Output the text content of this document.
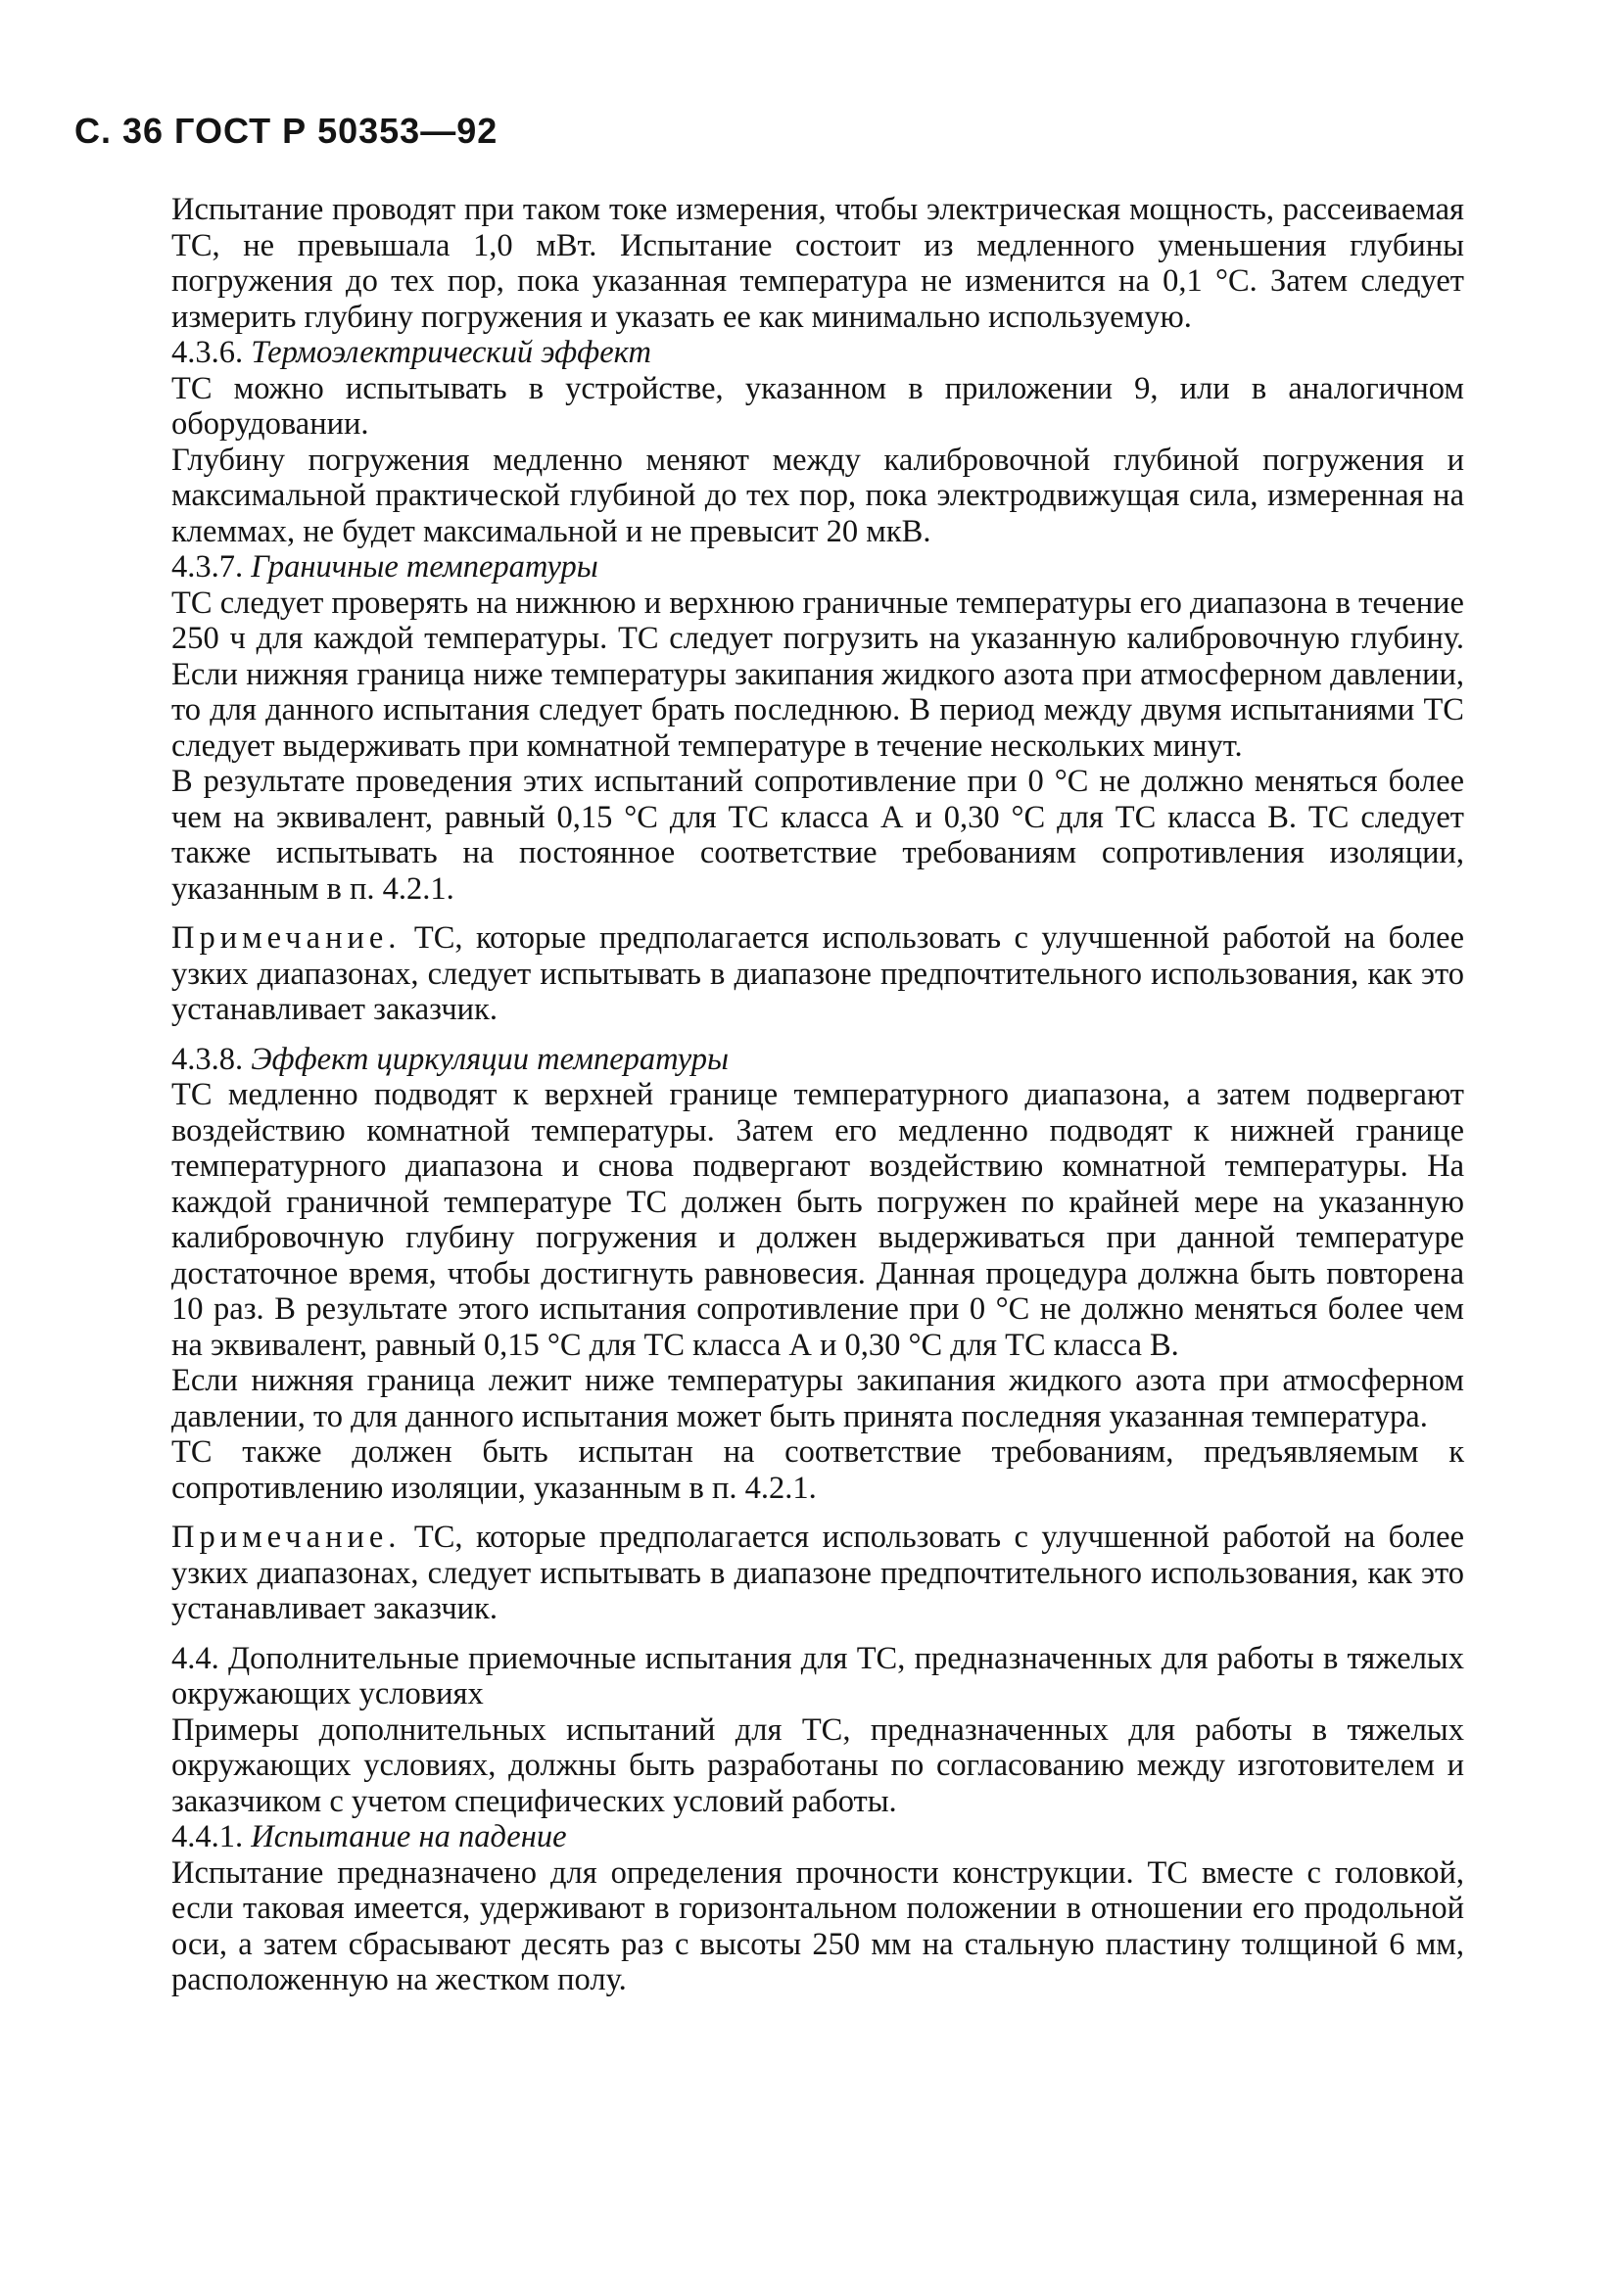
С. 36 ГОСТ Р 50353—92

Испытание проводят при таком токе измерения, чтобы электрическая мощность, рассеиваемая ТС, не превышала 1,0 мВт. Испытание состоит из медленного уменьшения глубины погружения до тех пор, пока указанная температура не изменится на 0,1 °С. Затем следует измерить глубину погружения и указать ее как минимально используемую.

4.3.6. Термоэлектрический эффект

ТС можно испытывать в устройстве, указанном в приложении 9, или в аналогичном оборудовании.

Глубину погружения медленно меняют между калибровочной глубиной погружения и максимальной практической глубиной до тех пор, пока электродвижущая сила, измеренная на клеммах, не будет максимальной и не превысит 20 мкВ.

4.3.7. Граничные температуры

ТС следует проверять на нижнюю и верхнюю граничные температуры его диапазона в течение 250 ч для каждой температуры. ТС следует погрузить на указанную калибровочную глубину. Если нижняя граница ниже температуры закипания жидкого азота при атмосферном давлении, то для данного испытания следует брать последнюю. В период между двумя испытаниями ТС следует выдерживать при комнатной температуре в течение нескольких минут.

В результате проведения этих испытаний сопротивление при 0 °С не должно меняться более чем на эквивалент, равный 0,15 °С для ТС класса А и 0,30 °С для ТС класса В. ТС следует также испытывать на постоянное соответствие требованиям сопротивления изоляции, указанным в п. 4.2.1.

Примечание. ТС, которые предполагается использовать с улучшенной работой на более узких диапазонах, следует испытывать в диапазоне предпочтительного использования, как это устанавливает заказчик.

4.3.8. Эффект циркуляции температуры

ТС медленно подводят к верхней границе температурного диапазона, а затем подвергают воздействию комнатной температуры. Затем его медленно подводят к нижней границе температурного диапазона и снова подвергают воздействию комнатной температуры. На каждой граничной температуре ТС должен быть погружен по крайней мере на указанную калибровочную глубину погружения и должен выдерживаться при данной температуре достаточное время, чтобы достигнуть равновесия. Данная процедура должна быть повторена 10 раз. В результате этого испытания сопротивление при 0 °С не должно меняться более чем на эквивалент, равный 0,15 °С для ТС класса А и 0,30 °С для ТС класса В.

Если нижняя граница лежит ниже температуры закипания жидкого азота при атмосферном давлении, то для данного испытания может быть принята последняя указанная температура.

ТС также должен быть испытан на соответствие требованиям, предъявляемым к сопротивлению изоляции, указанным в п. 4.2.1.

Примечание. ТС, которые предполагается использовать с улучшенной работой на более узких диапазонах, следует испытывать в диапазоне предпочтительного использования, как это устанавливает заказчик.

4.4. Дополнительные приемочные испытания для ТС, предназначенных для работы в тяжелых окружающих условиях

Примеры дополнительных испытаний для ТС, предназначенных для работы в тяжелых окружающих условиях, должны быть разработаны по согласованию между изготовителем и заказчиком с учетом специфических условий работы.

4.4.1. Испытание на падение

Испытание предназначено для определения прочности конструкции. ТС вместе с головкой, если таковая имеется, удерживают в горизонтальном положении в отношении его продольной оси, а затем сбрасывают десять раз с высоты 250 мм на стальную пластину толщиной 6 мм, расположенную на жестком полу.
